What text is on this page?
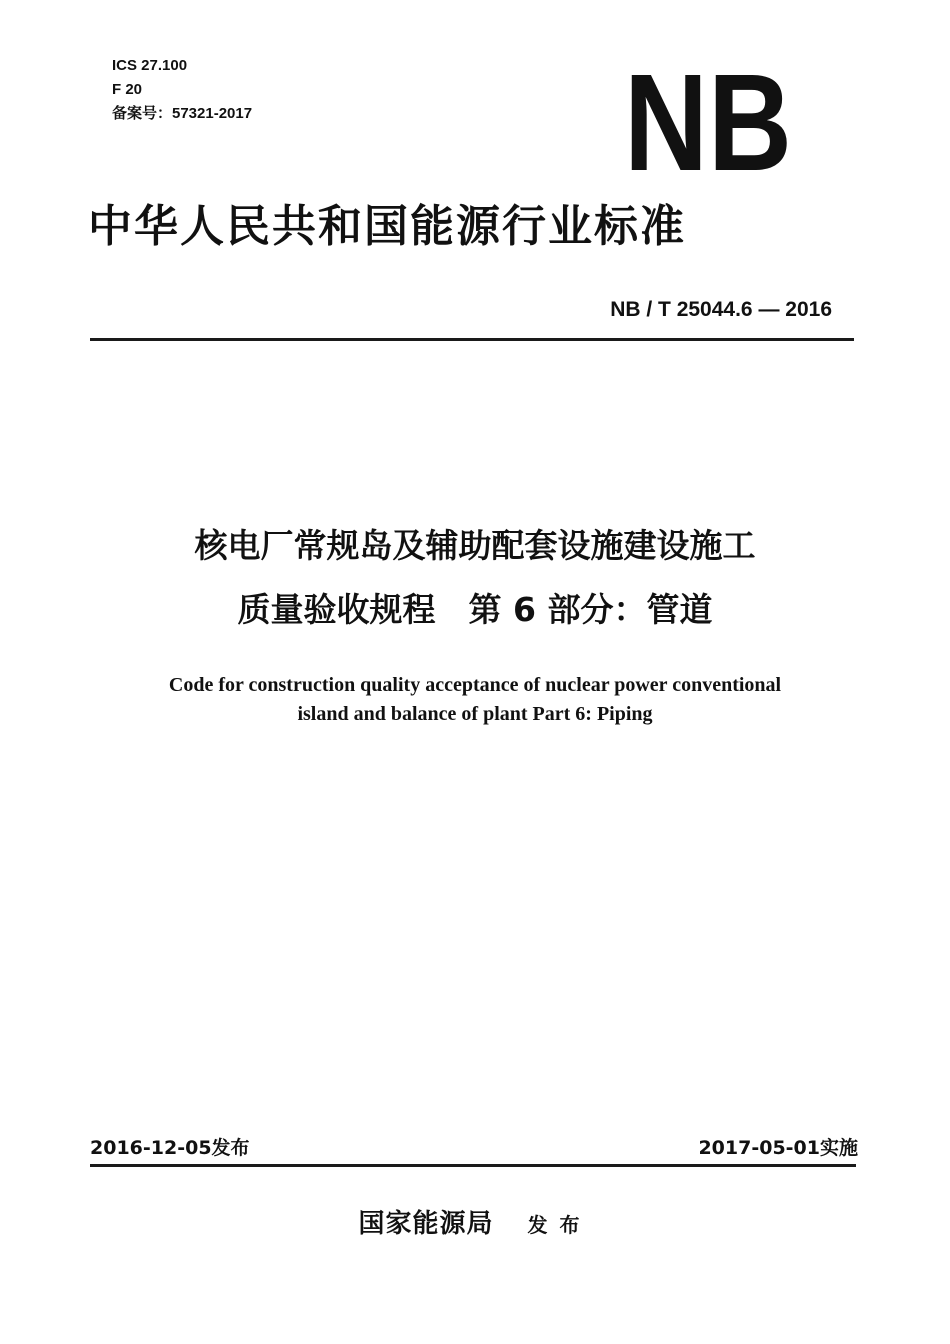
ICS 27.100
F 20
备案号：57321-2017	NB
中华人民共和国能源行业标准
NB / T 25044.6 — 2016
核电厂常规岛及辅助配套设施建设施工
质量验收规程　第 6 部分：管道
Code for construction quality acceptance of nuclear power conventional
island and balance of plant Part 6: Piping
2016-12-05发布	2017-05-01实施
国家能源局 发布
